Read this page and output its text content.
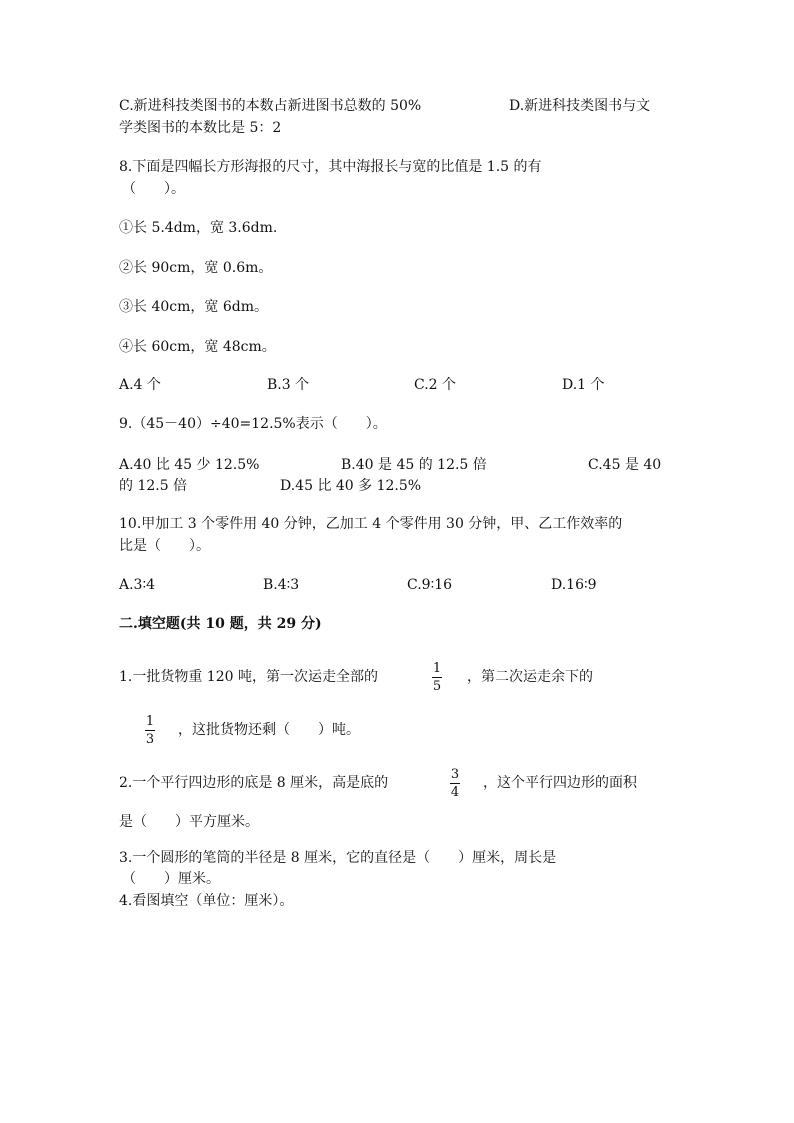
C.新进科技类图书的本数占新进图书总数的 50%	D.新进科技类图书与文
学类图书的本数比是 5：2
8.下面是四幅长方形海报的尺寸，其中海报长与宽的比值是 1.5 的有
（　　）。
①长 5.4dm，宽 3.6dm.
②长 90cm，宽 0.6m。
③长 40cm，宽 6dm。
④长 60cm，宽 48cm。
A.4 个	B.3 个	C.2 个	D.1 个
9.（45－40）÷40=12.5%表示（　　）。
A.40 比 45 少 12.5%	B.40 是 45 的 12.5 倍	C.45 是 40
的 12.5 倍	D.45 比 40 多 12.5%
10.甲加工 3 个零件用 40 分钟，乙加工 4 个零件用 30 分钟，甲、乙工作效率的
比是（　　）。
A.3∶4	B.4∶3	C.9∶16	D.16∶9
二.填空题(共 10 题，共 29 分)
1.一批货物重 120 吨，第一次运走全部的
1
5
，第二次运走余下的
1
3
，这批货物还剩（　　）吨。
2.一个平行四边形的底是 8 厘米，高是底的
3
4
，这个平行四边形的面积
是（　　）平方厘米。
3.一个圆形的笔筒的半径是 8 厘米，它的直径是（　　）厘米，周长是
（　　）厘米。
4.看图填空（单位：厘米）。
